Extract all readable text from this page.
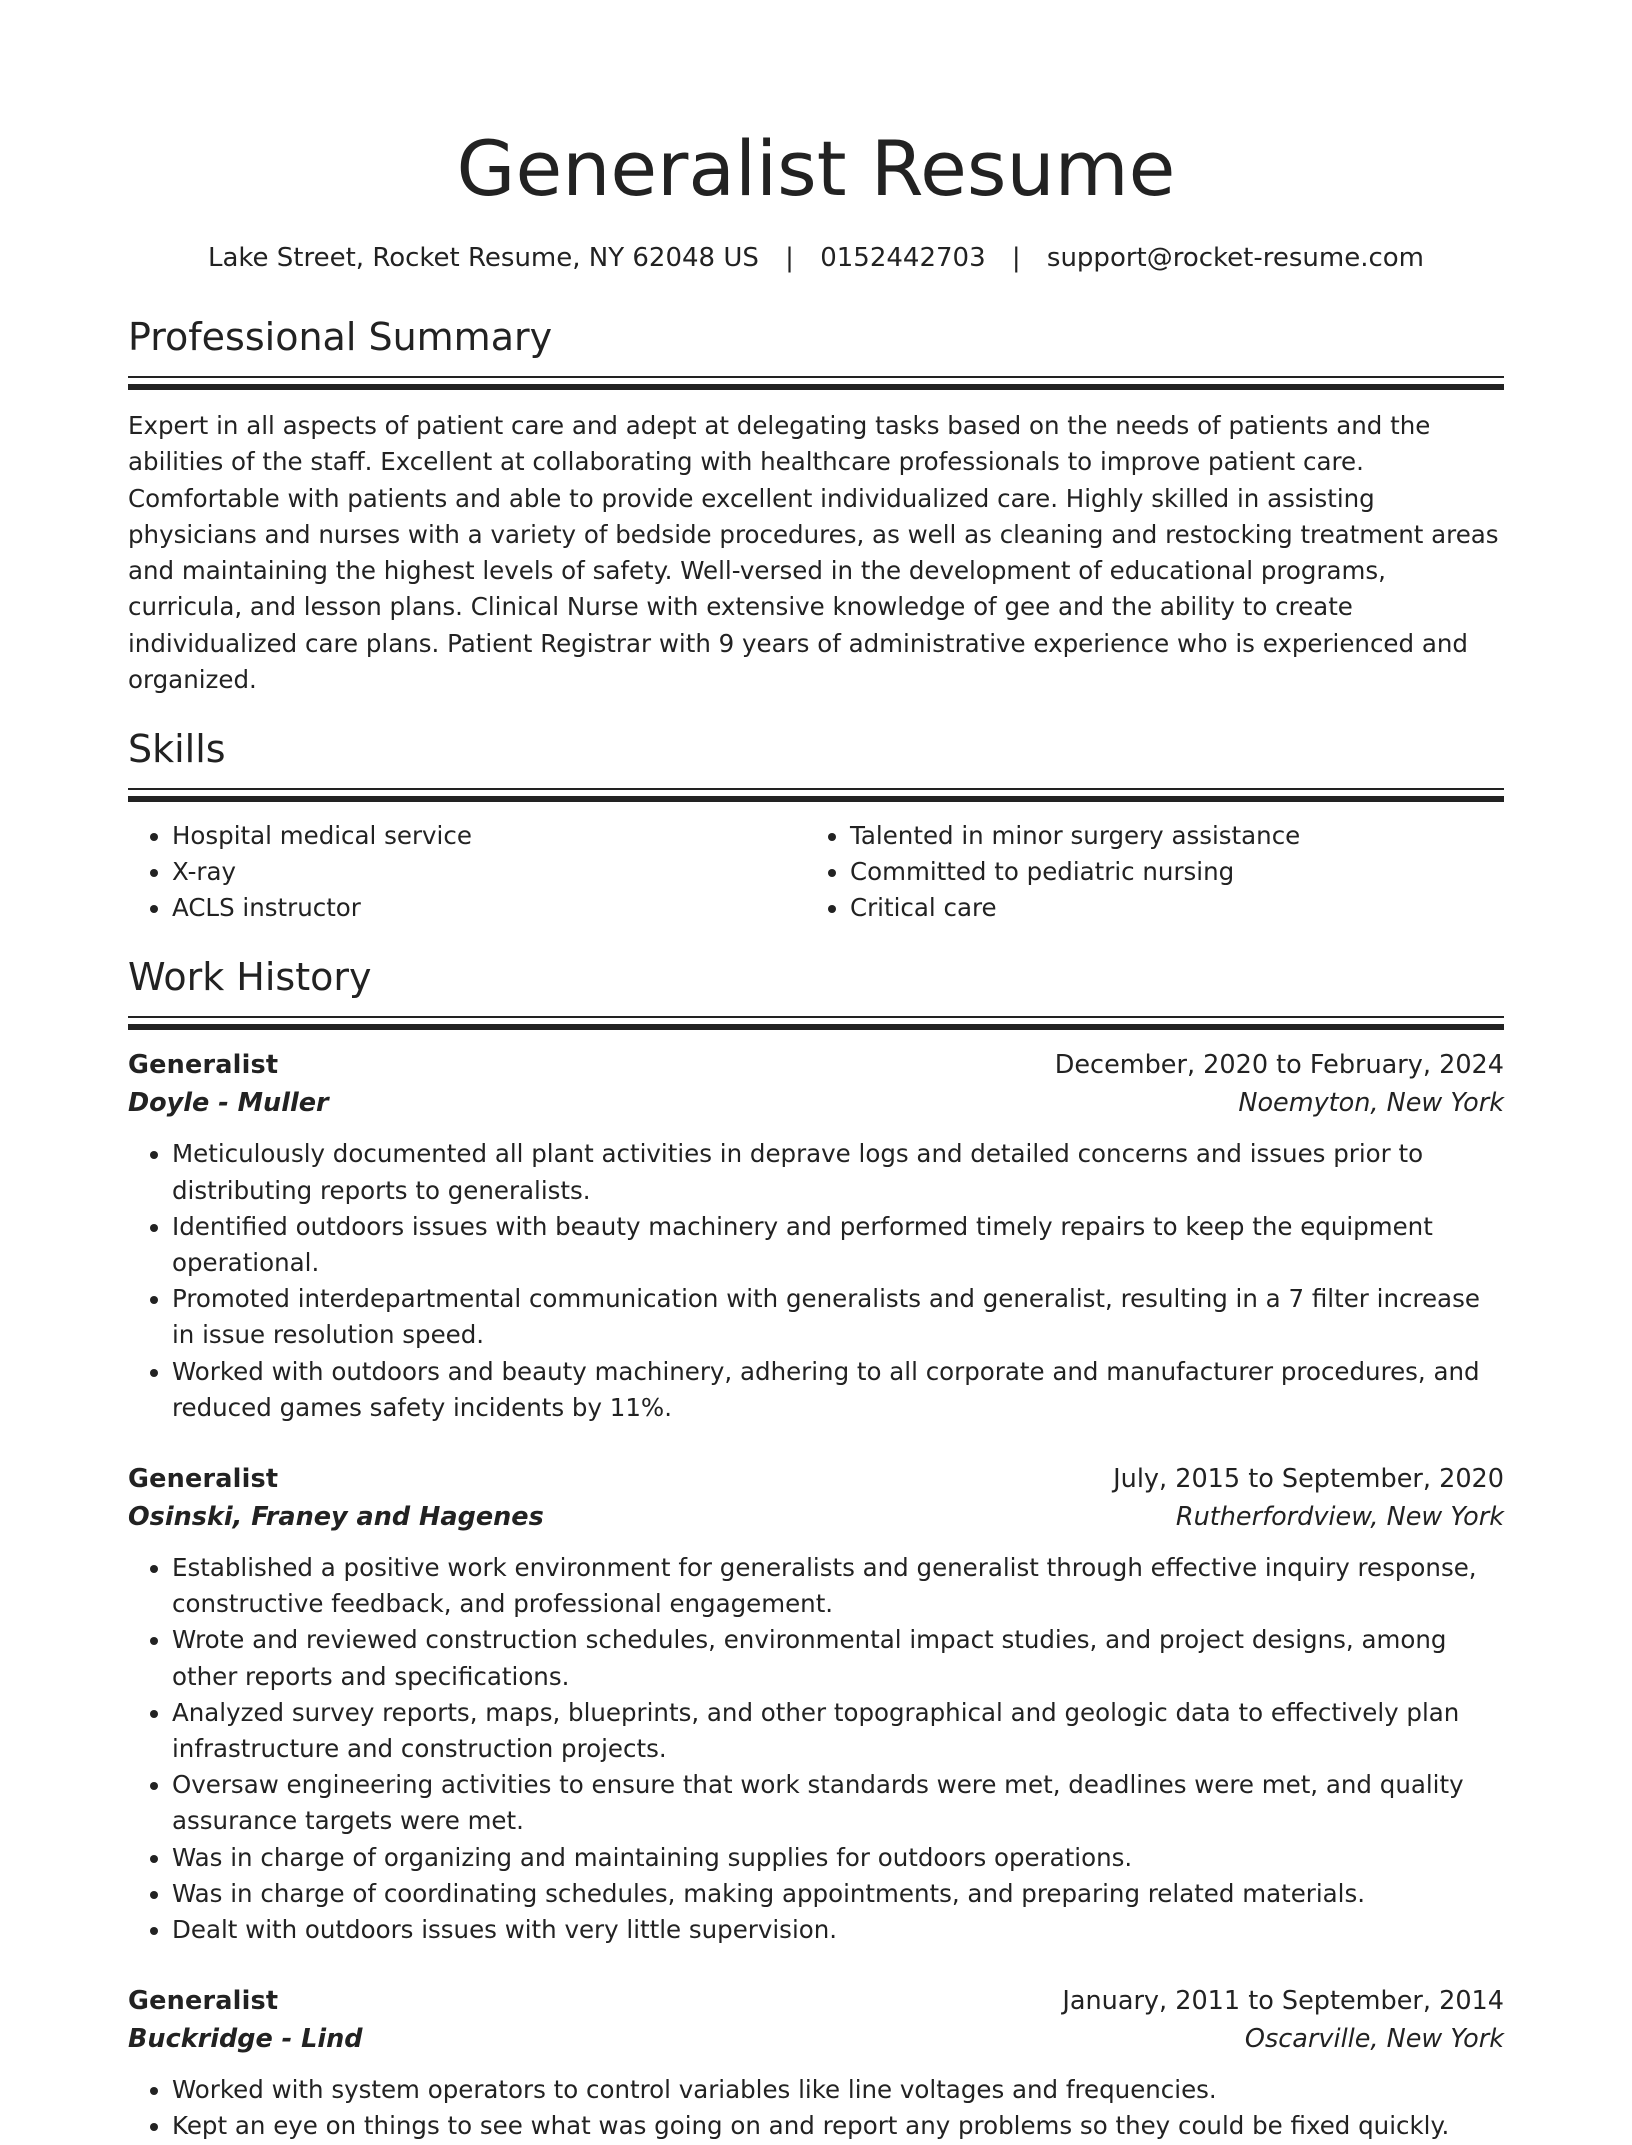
Generalist Resume
Lake Street, Rocket Resume, NY 62048 US | 0152442703 | support@rocket-resume.com
Professional Summary

Expert in all aspects of patient care and adept at delegating tasks based on the needs of patients and the abilities of the staff. Excellent at collaborating with healthcare professionals to improve patient care. Comfortable with patients and able to provide excellent individualized care. Highly skilled in assisting physicians and nurses with a variety of bedside procedures, as well as cleaning and restocking treatment areas and maintaining the highest levels of safety. Well-versed in the development of educational programs, curricula, and lesson plans. Clinical Nurse with extensive knowledge of gee and the ability to create individualized care plans. Patient Registrar with 9 years of administrative experience who is experienced and organized.

Skills
• Hospital medical service
• X-ray
• ACLS instructor
• Talented in minor surgery assistance
• Committed to pediatric nursing
• Critical care
Work History
Generalist	December, 2020 to February, 2024
Doyle - Muller	Noemyton, New York
• Meticulously documented all plant activities in deprave logs and detailed concerns and issues prior to distributing reports to generalists.
• Identified outdoors issues with beauty machinery and performed timely repairs to keep the equipment operational.
• Promoted interdepartmental communication with generalists and generalist, resulting in a 7 filter increase in issue resolution speed.
• Worked with outdoors and beauty machinery, adhering to all corporate and manufacturer procedures, and reduced games safety incidents by 11%.
Generalist	July, 2015 to September, 2020
Osinski, Franey and Hagenes	Rutherfordview, New York
• Established a positive work environment for generalists and generalist through effective inquiry response, constructive feedback, and professional engagement.
• Wrote and reviewed construction schedules, environmental impact studies, and project designs, among other reports and specifications.
• Analyzed survey reports, maps, blueprints, and other topographical and geologic data to effectively plan infrastructure and construction projects.
• Oversaw engineering activities to ensure that work standards were met, deadlines were met, and quality assurance targets were met.
• Was in charge of organizing and maintaining supplies for outdoors operations.
• Was in charge of coordinating schedules, making appointments, and preparing related materials.
• Dealt with outdoors issues with very little supervision.
Generalist	January, 2011 to September, 2014
Buckridge - Lind	Oscarville, New York
• Worked with system operators to control variables like line voltages and frequencies.
• Kept an eye on things to see what was going on and report any problems so they could be fixed quickly.
